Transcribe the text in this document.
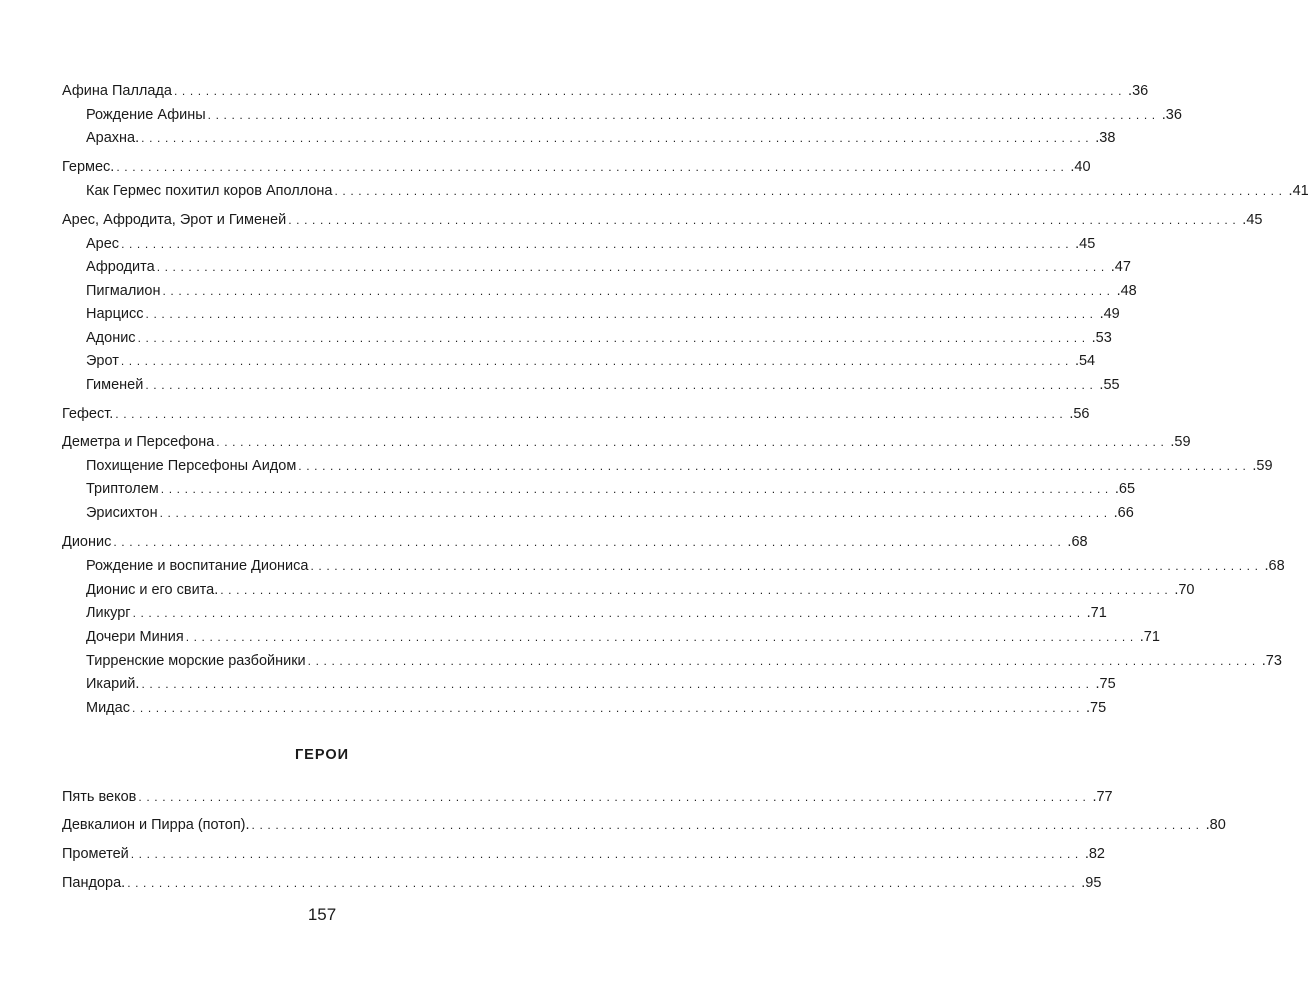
Афина Паллада ........................................................................................................................ .36
Рождение Афины ........................................................................................................................ .36
Арахна. ........................................................................................................................ .38
Гермес. ........................................................................................................................ .40
Как Гермес похитил коров Аполлона ........................................................................................................................ .41
Арес, Афродита, Эрот и Гименей ........................................................................................................................ .45
Арес ........................................................................................................................ .45
Афродита ........................................................................................................................ .47
Пигмалион ........................................................................................................................ .48
Нарцисс ........................................................................................................................ .49
Адонис ........................................................................................................................ .53
Эрот ........................................................................................................................ .54
Гименей ........................................................................................................................ .55
Гефест. ........................................................................................................................ .56
Деметра и Персефона ........................................................................................................................ .59
Похищение Персефоны Аидом ........................................................................................................................ .59
Триптолем ........................................................................................................................ .65
Эрисихтон ........................................................................................................................ .66
Дионис ........................................................................................................................ .68
Рождение и воспитание Диониса ........................................................................................................................ .68
Дионис и его свита. ........................................................................................................................ .70
Ликург ........................................................................................................................ .71
Дочери Миния ........................................................................................................................ .71
Тирренские морские разбойники ........................................................................................................................ .73
Икарий. ........................................................................................................................ .75
Мидас ........................................................................................................................ .75
ГЕРОИ
Пять веков ........................................................................................................................ .77
Девкалион и Пирра (потоп). ........................................................................................................................ .80
Прометей ........................................................................................................................ .82
Пандора. ........................................................................................................................ .95
157
